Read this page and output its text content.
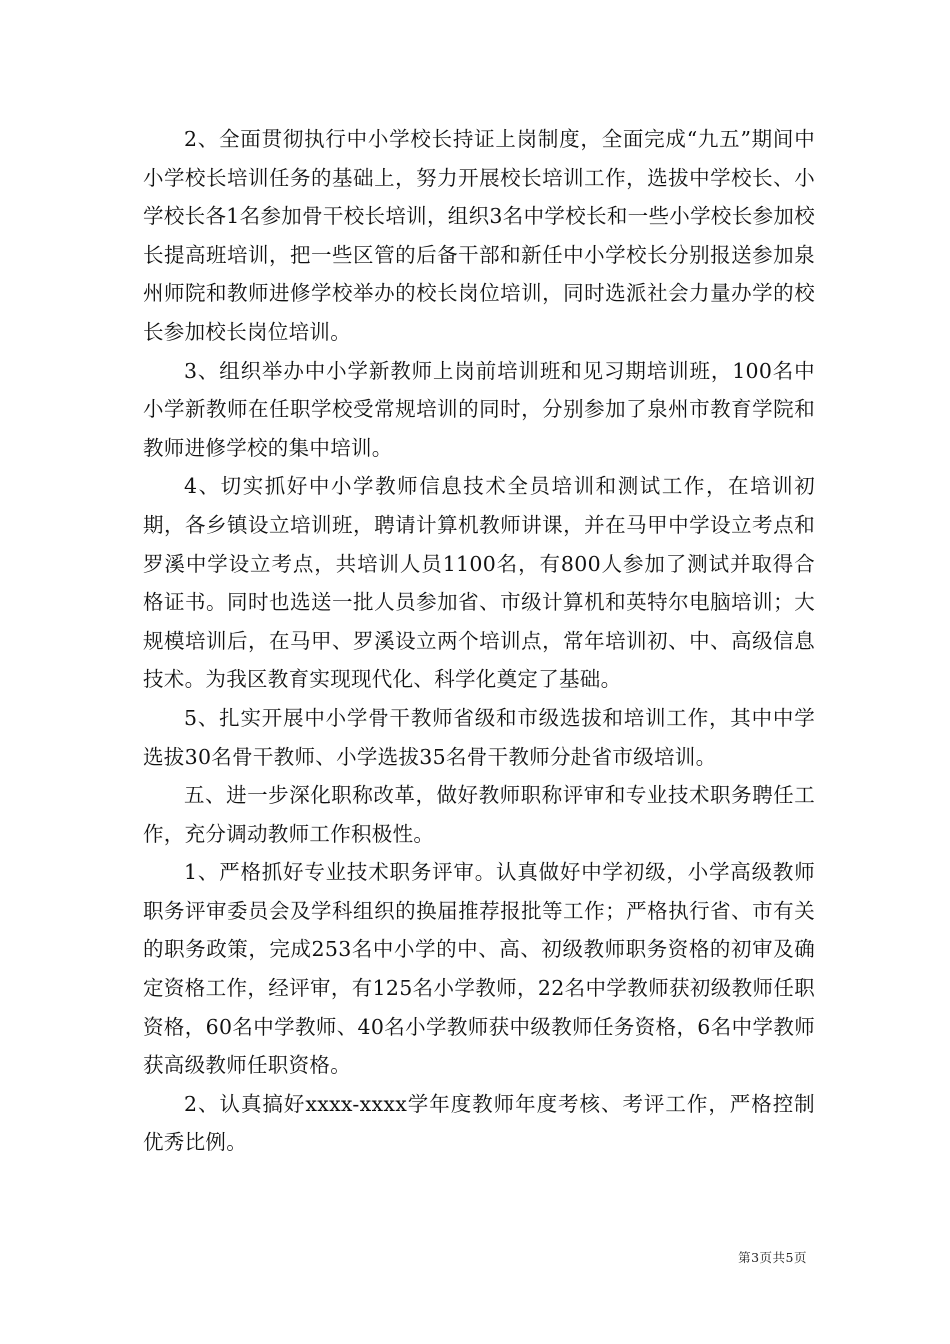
2、全面贯彻执行中小学校长持证上岗制度，全面完成“九五”期间中小学校长培训任务的基础上，努力开展校长培训工作，选拔中学校长、小学校长各1名参加骨干校长培训，组织3名中学校长和一些小学校长参加校长提高班培训，把一些区管的后备干部和新任中小学校长分别报送参加泉州师院和教师进修学校举办的校长岗位培训，同时选派社会力量办学的校长参加校长岗位培训。

3、组织举办中小学新教师上岗前培训班和见习期培训班，100名中小学新教师在任职学校受常规培训的同时，分别参加了泉州市教育学院和教师进修学校的集中培训。

4、切实抓好中小学教师信息技术全员培训和测试工作，在培训初期，各乡镇设立培训班，聘请计算机教师讲课，并在马甲中学设立考点和罗溪中学设立考点，共培训人员1100名，有800人参加了测试并取得合格证书。同时也选送一批人员参加省、市级计算机和英特尔电脑培训；大规模培训后，在马甲、罗溪设立两个培训点，常年培训初、中、高级信息技术。为我区教育实现现代化、科学化奠定了基础。

5、扎实开展中小学骨干教师省级和市级选拔和培训工作，其中中学选拔30名骨干教师、小学选拔35名骨干教师分赴省市级培训。

五、进一步深化职称改革，做好教师职称评审和专业技术职务聘任工作，充分调动教师工作积极性。

1、严格抓好专业技术职务评审。认真做好中学初级，小学高级教师职务评审委员会及学科组织的换届推荐报批等工作；严格执行省、市有关的职务政策，完成253名中小学的中、高、初级教师职务资格的初审及确定资格工作，经评审，有125名小学教师，22名中学教师获初级教师任职资格，60名中学教师、40名小学教师获中级教师任务资格，6名中学教师获高级教师任职资格。

2、认真搞好xxxx-xxxx学年度教师年度考核、考评工作，严格控制优秀比例。

第3页共5页
